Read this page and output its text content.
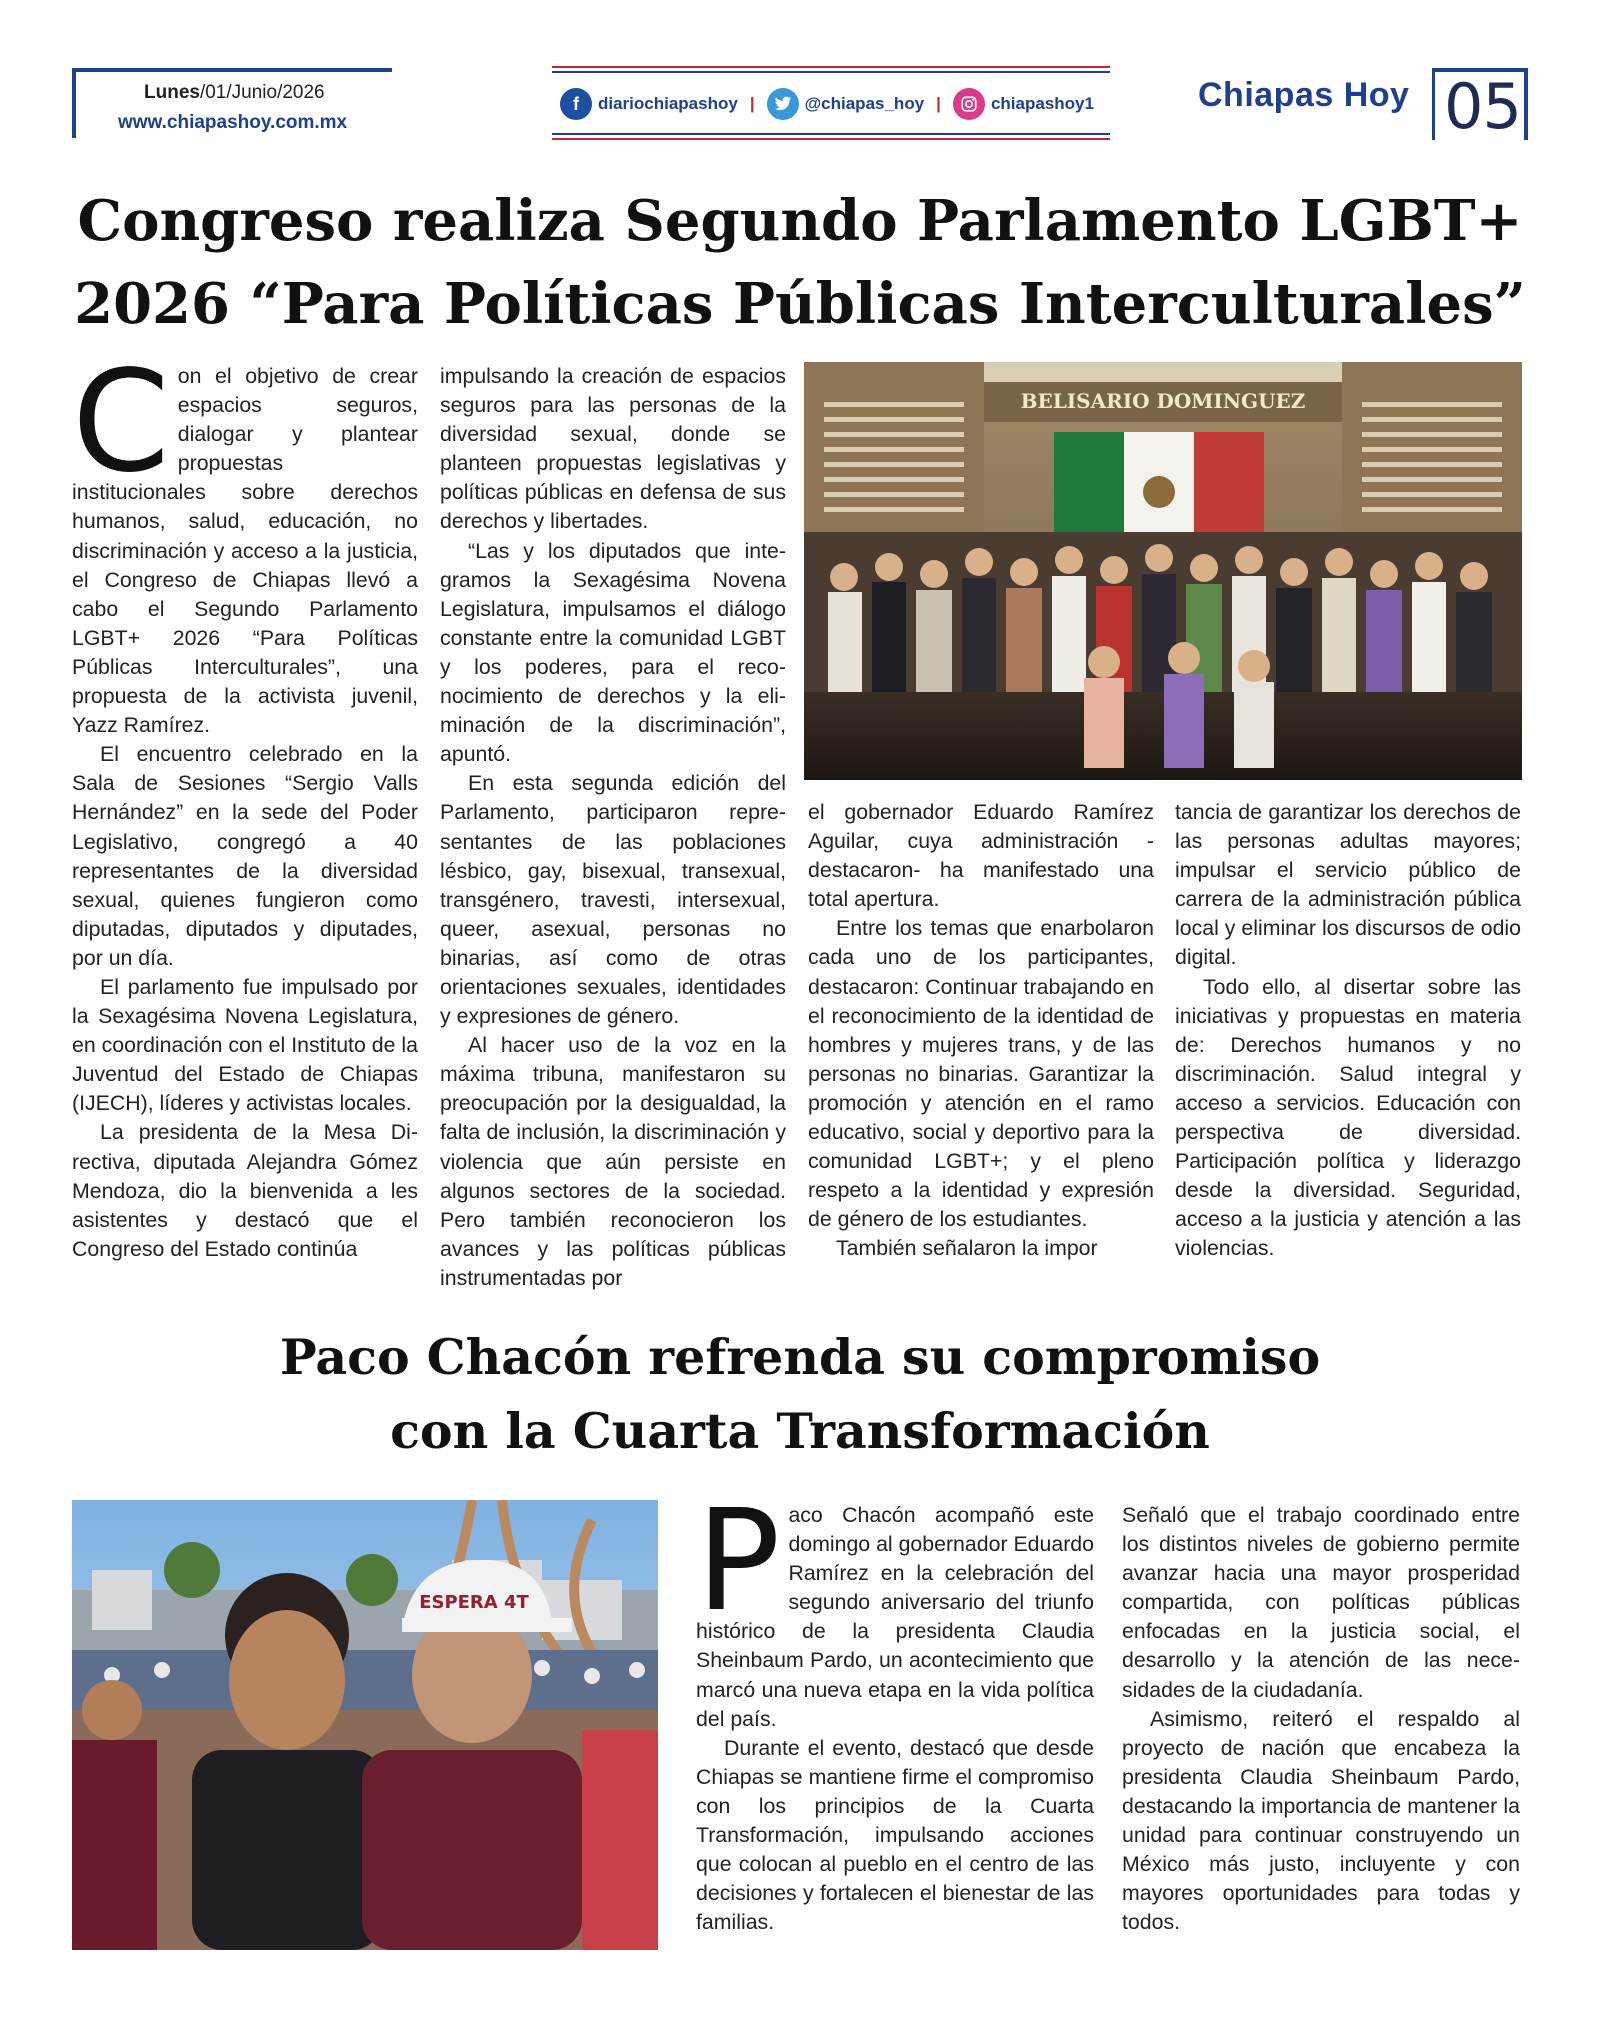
Lunes/01/Junio/2026
www.chiapashoy.com.mx
f	diariochiapashoy |	@chiapas_hoy |	chiapashoy1	Chiapas Hoy 05
Congreso realiza Segundo Parlamento LGBT+
2026 “Para Políticas Públicas Interculturales”
C on el objetivo de crear espacios seguros, dialogar y plantear propuestas institucionales sobre derechos humanos, salud, educación, no discriminación y acceso a la justicia, el Congreso de Chiapas llevó a cabo el Segundo Parlamento LGBT+ 2026 “Para Políticas Públicas Interculturales”, una propuesta de la activista juvenil, Yazz Ramírez.

El encuentro celebrado en la Sala de Sesiones “Sergio Valls Hernández” en la sede del Poder Legislativo, congregó a 40 representantes de la diversidad sexual, quienes fungieron como diputadas, diputados y diputades, por un día.

El parlamento fue impulsado por la Sexagésima Novena Legislatura, en coordinación con el Instituto de la Juventud del Estado de Chiapas (IJECH), líderes y activistas locales.

La presidenta de la Mesa Directiva, diputada Alejandra Gómez Mendoza, dio la bienvenida a les asistentes y destacó que el Congreso del Estado continúa

impulsando la creación de espacios seguros para las personas de la diversidad sexual, donde se planteen propuestas legislativas y políticas públicas en defensa de sus derechos y libertades.

“Las y los diputados que integramos la Sexagésima Novena Legislatura, impulsamos el diálogo constante entre la comunidad LGBT y los poderes, para el reconocimiento de derechos y la eliminación de la discriminación”, apuntó.

En esta segunda edición del Parlamento, participaron representantes de las poblaciones lésbico, gay, bisexual, transexual, transgénero, travesti, intersexual, queer, asexual, personas no binarias, así como de otras orientaciones sexuales, identidades y expresiones de género.

Al hacer uso de la voz en la máxima tribuna, manifestaron su preocupación por la desigualdad, la falta de inclusión, la discriminación y violencia que aún persiste en algunos sectores de la sociedad. Pero también reconocieron los avances y las políticas públicas instrumentadas por

BELISARIO DOMINGUEZ

el gobernador Eduardo Ramírez Aguilar, cuya administración -destacaron- ha manifestado una total apertura.

Entre los temas que enarbolaron cada uno de los participantes, destacaron: Continuar trabajando en el reconocimiento de la identidad de hombres y mujeres trans, y de las personas no binarias. Garantizar la promoción y atención en el ramo educativo, social y deportivo para la comunidad LGBT+; y el pleno respeto a la identidad y expresión de género de los estudiantes.

También señalaron la impor

tancia de garantizar los derechos de las personas adultas mayores; impulsar el servicio público de carrera de la administración pública local y eliminar los discursos de odio digital.

Todo ello, al disertar sobre las iniciativas y propuestas en materia de: Derechos humanos y no discriminación. Salud integral y acceso a servicios. Educación con perspectiva de diversidad. Participación política y liderazgo desde la diversidad. Seguridad, acceso a la justicia y atención a las violencias.

Paco Chacón refrenda su compromiso
con la Cuarta Transformación
ESPERA 4T P aco Chacón acompañó este domingo al gobernador Eduardo Ramírez en la celebración del segundo aniversario del triunfo histórico de la presidenta Claudia Sheinbaum Pardo, un acontecimiento que marcó una nueva etapa en la vida política del país.

Durante el evento, destacó que desde Chiapas se mantiene firme el compromiso con los principios de la Cuarta Transformación, impulsando acciones que colocan al pueblo en el centro de las decisiones y fortalecen el bienestar de las familias.

Señaló que el trabajo coordinado entre los distintos niveles de gobierno permite avanzar hacia una mayor prosperidad compartida, con políticas públicas enfocadas en la justicia social, el desarrollo y la atención de las necesidades de la ciudadanía.

Asimismo, reiteró el respaldo al proyecto de nación que encabeza la presidenta Claudia Sheinbaum Pardo, destacando la importancia de mantener la unidad para continuar construyendo un México más justo, incluyente y con mayores oportunidades para todas y todos.
